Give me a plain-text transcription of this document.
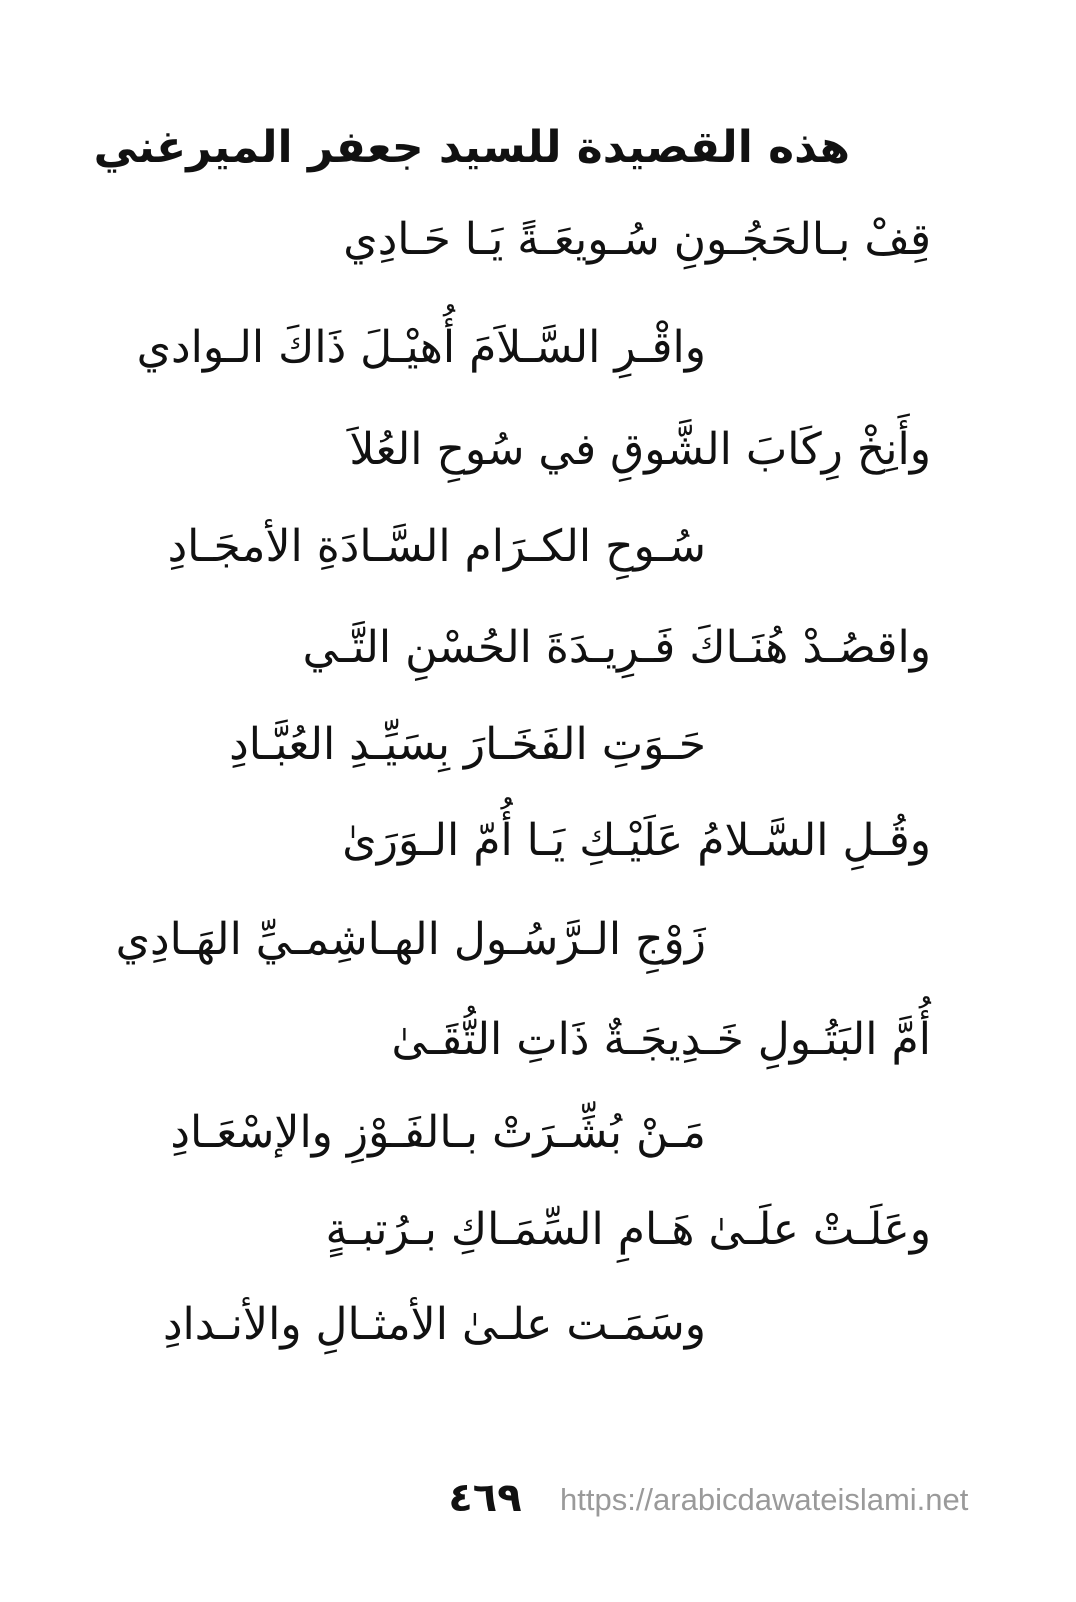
هذه القصيدة للسيد جعفر الميرغني
قِفْ بـالحَجُـونِ سُـويعَـةً يَـا حَـادِي
واقْـرِ السَّـلاَمَ أُهيْـلَ ذَاكَ الـوادي
وأَنِخْ رِكَابَ الشَّوقِ في سُوحِ العُلاَ
سُـوحِ الكـرَام السَّـادَةِ الأمجَـادِ
واقصُـدْ هُنَـاكَ فَـرِيـدَةَ الحُسْنِ التَّـي
حَـوَتِ الفَخَـارَ بِسَيِّـدِ العُبَّـادِ
وقُـلِ السَّـلامُ عَلَيْـكِ يَـا أُمّ الـوَرَىٰ
زَوْجِ الـرَّسُـول الهـاشِمـيِّ الهَـادِي
أُمَّ البَتُـولِ خَـدِيجَـةٌ ذَاتِ التُّقَـىٰ
مَـنْ بُشِّـرَتْ بـالفَـوْزِ والإسْعَـادِ
وعَلَـتْ علَـىٰ هَـامِ السِّمَـاكِ بـرُتبـةٍ
وسَمَـت علـىٰ الأمثـالِ والأنـدادِ
٤٦٩	https://arabicdawateislami.net
